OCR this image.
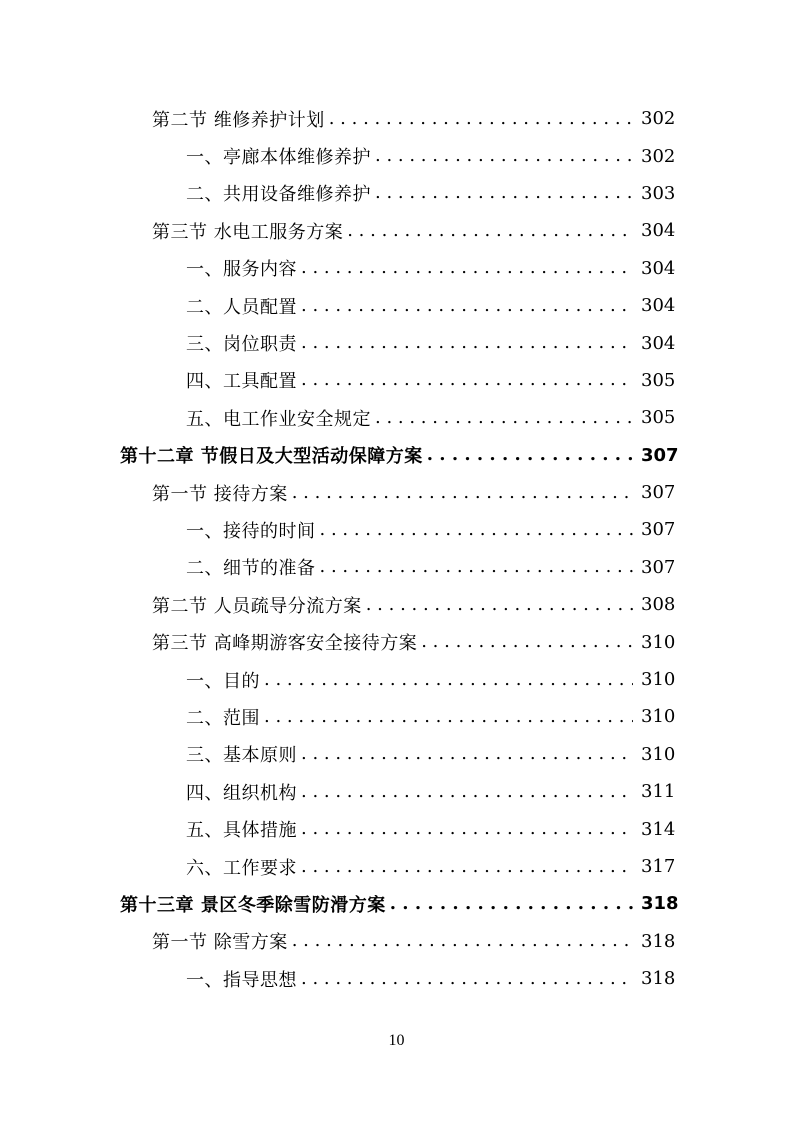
第二节 维修养护计划 . . .	302
一、亭廊本体维修养护 . . .	302
二、共用设备维修养护 . . .	303
第三节 水电工服务方案 . . .	304
一、服务内容 . . .	304
二、人员配置 . . .	304
三、岗位职责 . . .	304
四、工具配置 . . .	305
五、电工作业安全规定 . . .	305
第十二章 节假日及大型活动保障方案 . . .	307
第一节 接待方案 . . .	307
一、接待的时间 . . .	307
二、细节的准备 . . .	307
第二节 人员疏导分流方案 . . .	308
第三节 高峰期游客安全接待方案 . . .	310
一、目的 . . .	310
二、范围 . . .	310
三、基本原则 . . .	310
四、组织机构 . . .	311
五、具体措施 . . .	314
六、工作要求 . . .	317
第十三章 景区冬季除雪防滑方案 . . .	318
第一节 除雪方案 . . .	318
一、指导思想 . . .	318
10
